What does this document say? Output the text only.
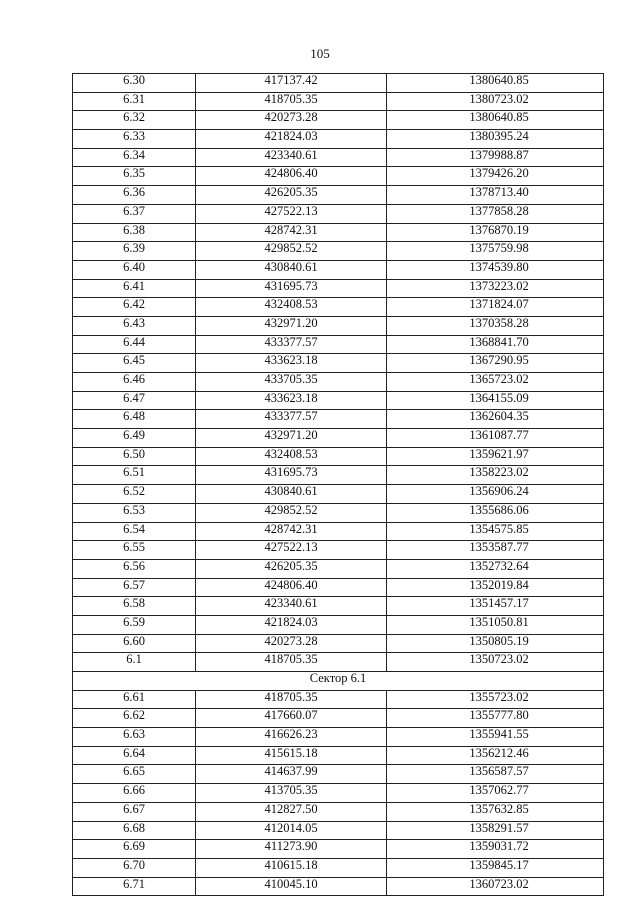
105
6.30	417137.42	1380640.85
6.31	418705.35	1380723.02
6.32	420273.28	1380640.85
6.33	421824.03	1380395.24
6.34	423340.61	1379988.87
6.35	424806.40	1379426.20
6.36	426205.35	1378713.40
6.37	427522.13	1377858.28
6.38	428742.31	1376870.19
6.39	429852.52	1375759.98
6.40	430840.61	1374539.80
6.41	431695.73	1373223.02
6.42	432408.53	1371824.07
6.43	432971.20	1370358.28
6.44	433377.57	1368841.70
6.45	433623.18	1367290.95
6.46	433705.35	1365723.02
6.47	433623.18	1364155.09
6.48	433377.57	1362604.35
6.49	432971.20	1361087.77
6.50	432408.53	1359621.97
6.51	431695.73	1358223.02
6.52	430840.61	1356906.24
6.53	429852.52	1355686.06
6.54	428742.31	1354575.85
6.55	427522.13	1353587.77
6.56	426205.35	1352732.64
6.57	424806.40	1352019.84
6.58	423340.61	1351457.17
6.59	421824.03	1351050.81
6.60	420273.28	1350805.19
6.1	418705.35	1350723.02
Сектор 6.1		
6.61	418705.35	1355723.02
6.62	417660.07	1355777.80
6.63	416626.23	1355941.55
6.64	415615.18	1356212.46
6.65	414637.99	1356587.57
6.66	413705.35	1357062.77
6.67	412827.50	1357632.85
6.68	412014.05	1358291.57
6.69	411273.90	1359031.72
6.70	410615.18	1359845.17
6.71	410045.10	1360723.02
